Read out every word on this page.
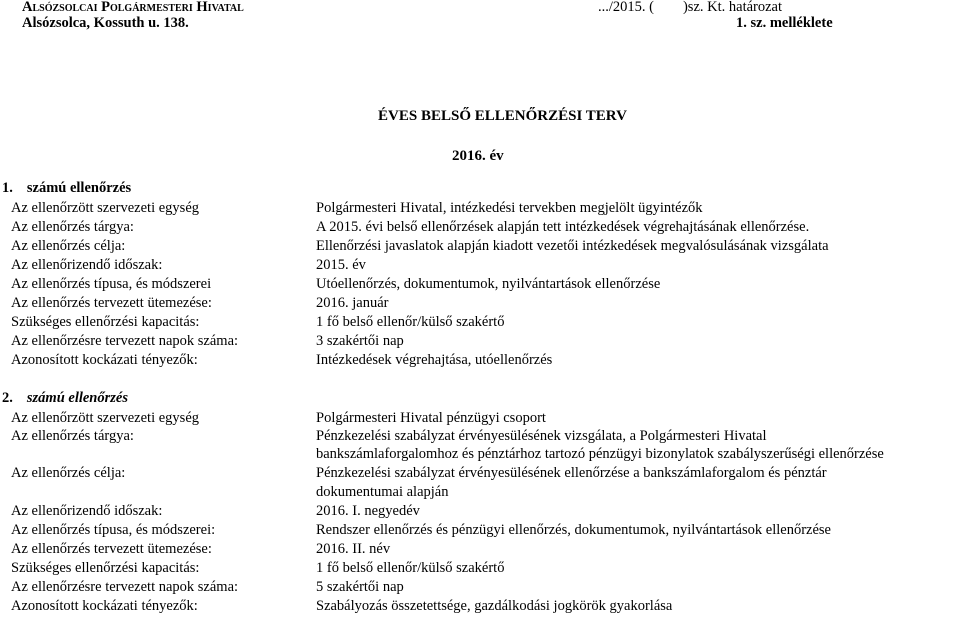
Alsózsolcai Polgármesteri Hivatal
Alsózsolca, Kossuth u. 138.
.../2015. (        )sz. Kt. határozat
1. sz. melléklete
ÉVES BELSŐ ELLENŐRZÉSI TERV
2016. év
1. számú ellenőrzés
Az ellenőrzött szervezeti egység	Polgármesteri Hivatal, intézkedési tervekben megjelölt ügyintézők
Az ellenőrzés tárgya:	A 2015. évi belső ellenőrzések alapján tett intézkedések végrehajtásának ellenőrzése.
Az ellenőrzés célja:	Ellenőrzési javaslatok alapján kiadott vezetői intézkedések megvalósulásának vizsgálata
Az ellenőrizendő időszak:	2015. év
Az ellenőrzés típusa, és módszerei	Utóellenőrzés, dokumentumok, nyilvántartások ellenőrzése
Az ellenőrzés tervezett ütemezése:	2016. január
Szükséges ellenőrzési kapacitás:	1 fő belső ellenőr/külső szakértő
Az ellenőrzésre tervezett napok száma:	3 szakértői nap
Azonosított kockázati tényezők:	Intézkedések végrehajtása, utóellenőrzés
2. számú ellenőrzés
Az ellenőrzött szervezeti egység	Polgármesteri Hivatal pénzügyi csoport
Az ellenőrzés tárgya:	Pénzkezelési szabályzat érvényesülésének vizsgálata, a Polgármesteri Hivatal
bankszámlaforgalomhoz és pénztárhoz tartozó pénzügyi bizonylatok szabályszerűségi ellenőrzése
Az ellenőrzés célja:	Pénzkezelési szabályzat érvényesülésének ellenőrzése a bankszámlaforgalom és pénztár
dokumentumai alapján
Az ellenőrizendő időszak:	2016. I. negyedév
Az ellenőrzés típusa, és módszerei:	Rendszer ellenőrzés és pénzügyi ellenőrzés, dokumentumok, nyilvántartások ellenőrzése
Az ellenőrzés tervezett ütemezése:	2016. II. név
Szükséges ellenőrzési kapacitás:	1 fő belső ellenőr/külső szakértő
Az ellenőrzésre tervezett napok száma:	5 szakértői nap
Azonosított kockázati tényezők:	Szabályozás összetettsége, gazdálkodási jogkörök gyakorlása
